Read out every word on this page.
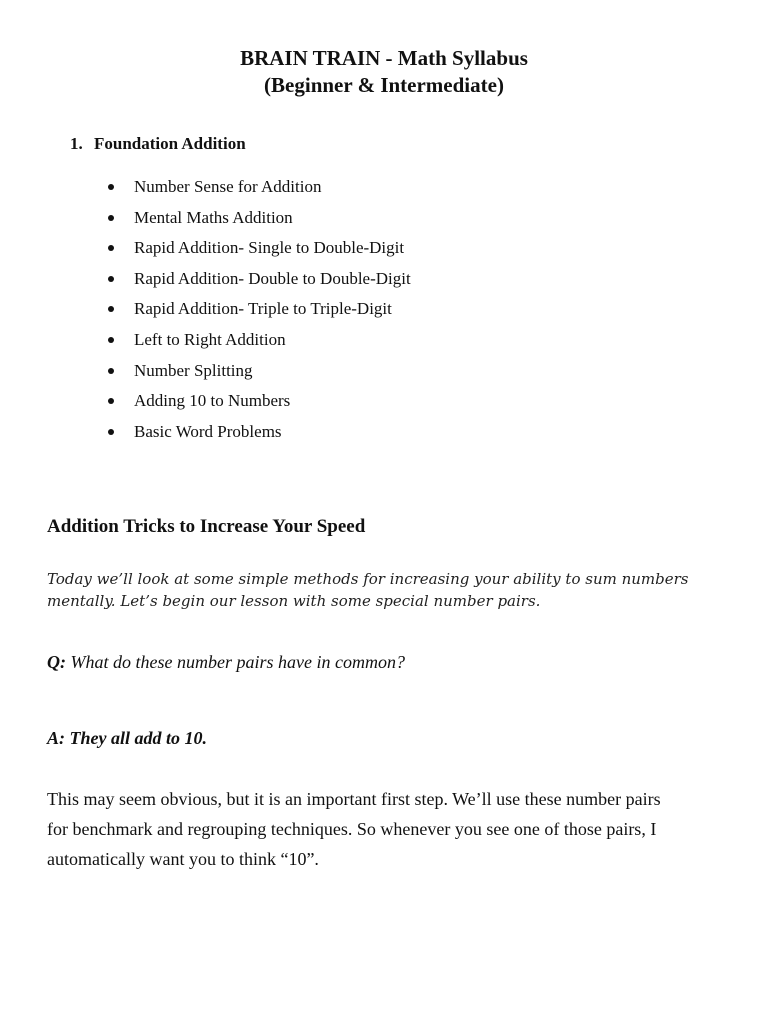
BRAIN TRAIN - Math Syllabus
(Beginner & Intermediate)
1. Foundation Addition
Number Sense for Addition
Mental Maths Addition
Rapid Addition- Single to Double-Digit
Rapid Addition- Double to Double-Digit
Rapid Addition- Triple to Triple-Digit
Left to Right Addition
Number Splitting
Adding 10 to Numbers
Basic Word Problems
Addition Tricks to Increase Your Speed
Today we’ll look at some simple methods for increasing your ability to sum numbers
mentally. Let’s begin our lesson with some special number pairs.
Q: What do these number pairs have in common?
A: They all add to 10.

This may seem obvious, but it is an important first step. We’ll use these number pairs

for benchmark and regrouping techniques. So whenever you see one of those pairs, I

automatically want you to think “10”.
